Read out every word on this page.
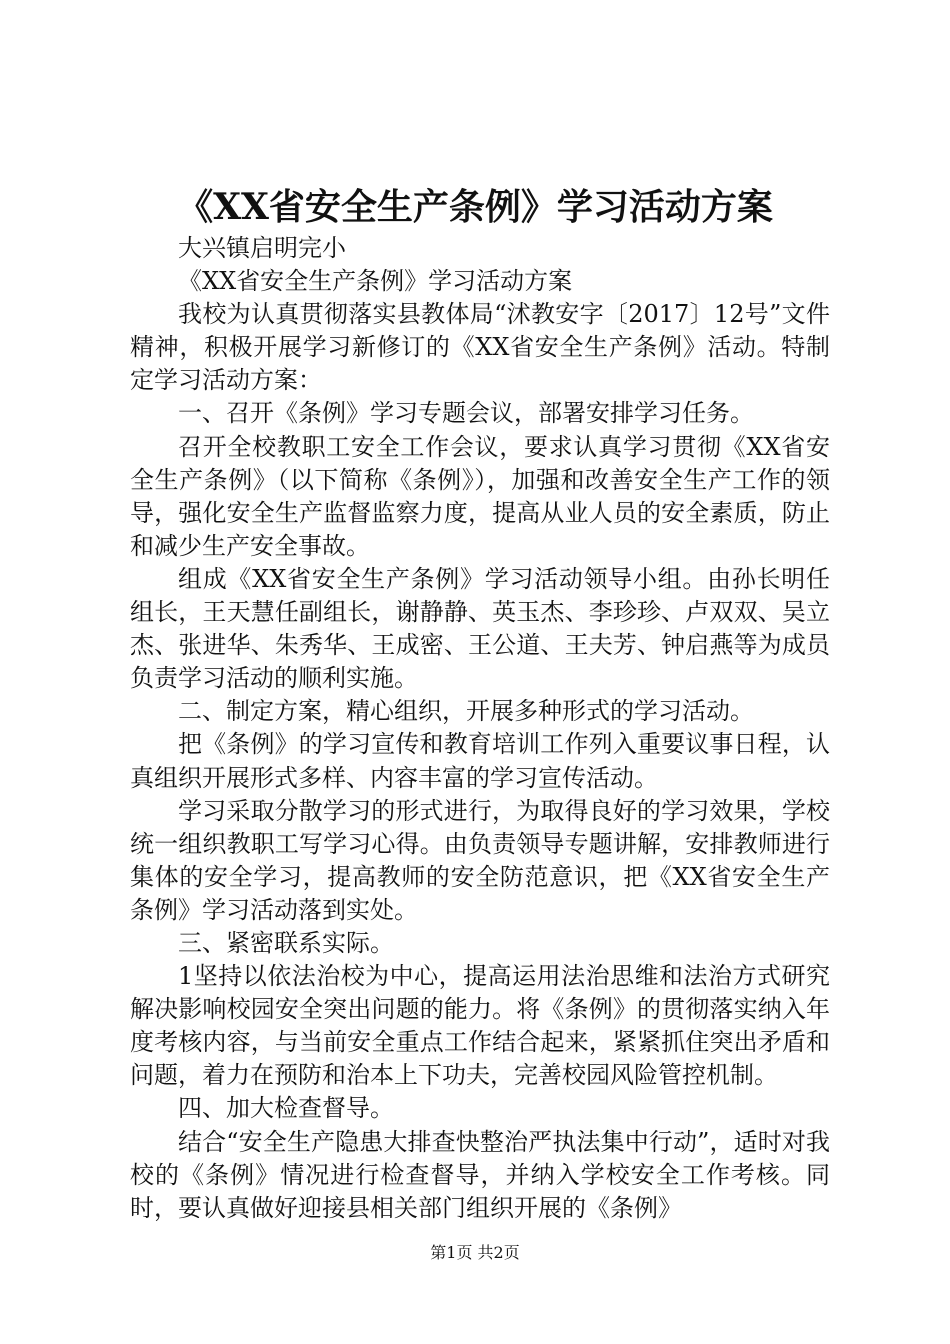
《XX省安全生产条例》学习活动方案

大兴镇启明完小

《XX省安全生产条例》学习活动方案

我校为认真贯彻落实县教体局“沭教安字〔2017〕12号”文件精神，积极开展学习新修订的《XX省安全生产条例》活动。特制定学习活动方案：

一、召开《条例》学习专题会议，部署安排学习任务。

召开全校教职工安全工作会议，要求认真学习贯彻《XX省安全生产条例》（以下简称《条例》），加强和改善安全生产工作的领导，强化安全生产监督监察力度，提高从业人员的安全素质，防止和减少生产安全事故。

组成《XX省安全生产条例》学习活动领导小组。由孙长明任组长，王天慧任副组长，谢静静、英玉杰、李珍珍、卢双双、吴立杰、张进华、朱秀华、王成密、王公道、王夫芳、钟启燕等为成员负责学习活动的顺利实施。

二、制定方案，精心组织，开展多种形式的学习活动。

把《条例》的学习宣传和教育培训工作列入重要议事日程，认真组织开展形式多样、内容丰富的学习宣传活动。

学习采取分散学习的形式进行，为取得良好的学习效果，学校统一组织教职工写学习心得。由负责领导专题讲解，安排教师进行集体的安全学习，提高教师的安全防范意识，把《XX省安全生产条例》学习活动落到实处。

三、紧密联系实际。

1坚持以依法治校为中心，提高运用法治思维和法治方式研究解决影响校园安全突出问题的能力。将《条例》的贯彻落实纳入年度考核内容，与当前安全重点工作结合起来，紧紧抓住突出矛盾和问题，着力在预防和治本上下功夫，完善校园风险管控机制。

四、加大检查督导。

结合“安全生产隐患大排查快整治严执法集中行动”，适时对我校的《条例》情况进行检查督导，并纳入学校安全工作考核。同时，要认真做好迎接县相关部门组织开展的《条例》

第1页 共2页
